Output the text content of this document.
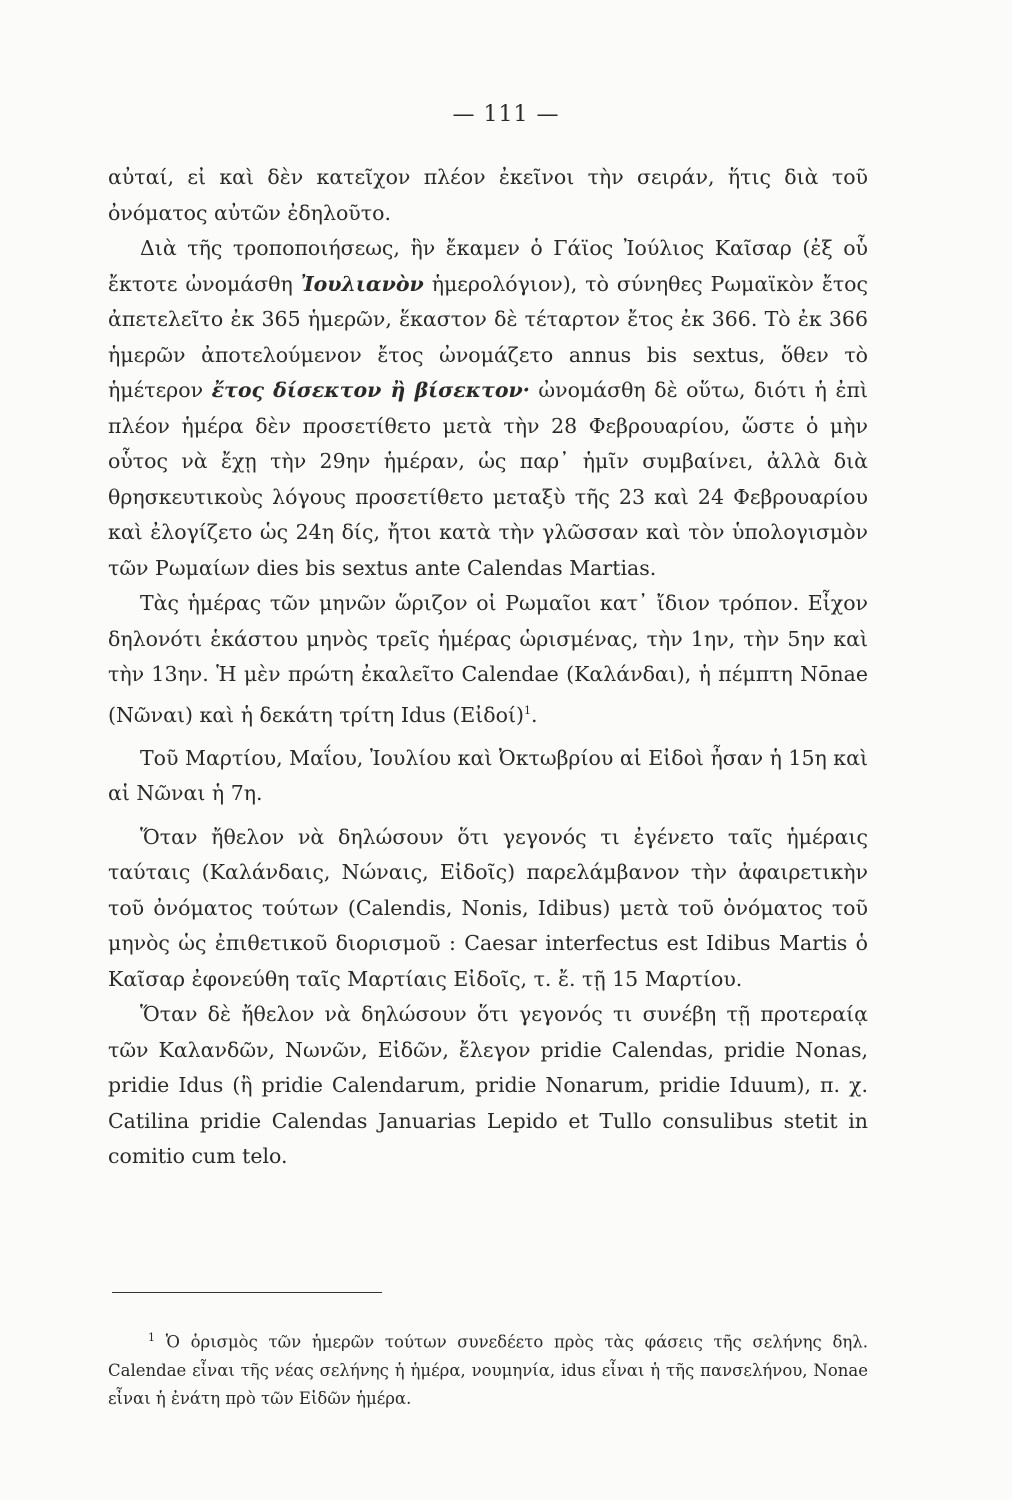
— 111 —

αὐταί, εἰ καὶ δὲν κατεῖχον πλέον ἐκεῖνοι τὴν σειράν, ἥτις διὰ τοῦ ὀνόματος αὐτῶν ἐδηλοῦτο.

Διὰ τῆς τροποποιήσεως, ἣν ἔκαμεν ὁ Γάϊος Ἰούλιος Καῖσαρ (ἐξ οὗ ἔκτοτε ὠνομάσθη Ἰουλιανὸν ἡμερολόγιον), τὸ σύνηθες Ρωμαϊκὸν ἔτος ἀπετελεῖτο ἐκ 365 ἡμερῶν, ἕκαστον δὲ τέταρτον ἔτος ἐκ 366. Τὸ ἐκ 366 ἡμερῶν ἀποτελούμενον ἔτος ὠνομάζετο annus bis sextus, ὅθεν τὸ ἡμέτερον ἔτος δίσεκτον ἢ βίσεκτον· ὠνομάσθη δὲ οὕτω, διότι ἡ ἐπὶ πλέον ἡμέρα δὲν προσετίθετο μετὰ τὴν 28 Φεβρουαρίου, ὥστε ὁ μὴν οὗτος νὰ ἔχῃ τὴν 29ην ἡμέραν, ὡς παρ᾽ ἡμῖν συμβαίνει, ἀλλὰ διὰ θρησκευτικοὺς λόγους προσετίθετο μεταξὺ τῆς 23 καὶ 24 Φεβρουαρίου καὶ ἐλογίζετο ὡς 24η δίς, ἤτοι κατὰ τὴν γλῶσσαν καὶ τὸν ὑπολογισμὸν τῶν Ρωμαίων dies bis sextus ante Calendas Martias.

Τὰς ἡμέρας τῶν μηνῶν ὥριζον οἱ Ρωμαῖοι κατ᾽ ἴδιον τρόπον. Εἶχον δηλονότι ἑκάστου μηνὸς τρεῖς ἡμέρας ὡρισμένας, τὴν 1ην, τὴν 5ην καὶ τὴν 13ην. Ἡ μὲν πρώτη ἐκαλεῖτο Calendae (Καλάνδαι), ἡ πέμπτη Nōnae (Νῶναι) καὶ ἡ δεκάτη τρίτη Idus (Εἰδοί)$^1$.

Τοῦ Μαρτίου, Μαΐου, Ἰουλίου καὶ Ὀκτωβρίου αἱ Εἰδοὶ ἦσαν ἡ 15η καὶ αἱ Νῶναι ἡ 7η.

Ὅταν ἤθελον νὰ δηλώσουν ὅτι γεγονός τι ἐγένετο ταῖς ἡμέραις ταύταις (Καλάνδαις, Νώναις, Εἰδοῖς) παρελάμβανον τὴν ἀφαιρετικὴν τοῦ ὀνόματος τούτων (Calendis, Nonis, Idibus) μετὰ τοῦ ὀνόματος τοῦ μηνὸς ὡς ἐπιθετικοῦ διορισμοῦ : Caesar interfectus est Idibus Martis ὁ Καῖσαρ ἐφονεύθη ταῖς Μαρτίαις Εἰδοῖς, τ. ἔ. τῇ 15 Μαρτίου.

Ὅταν δὲ ἤθελον νὰ δηλώσουν ὅτι γεγονός τι συνέβη τῇ προτεραίᾳ τῶν Καλανδῶν, Νωνῶν, Εἰδῶν, ἔλεγον pridie Calendas, pridie Nonas, pridie Idus (ἢ pridie Calendarum, pridie Nonarum, pridie Iduum), π. χ. Catilina pridie Calendas Januarias Lepido et Tullo consulibus stetit in comitio cum telo.

$^1$ Ὁ ὁρισμὸς τῶν ἡμερῶν τούτων συνεδέετο πρὸς τὰς φάσεις τῆς σελήνης δηλ. Calendae εἶναι τῆς νέας σελήνης ἡ ἡμέρα, νουμηνία, idus εἶναι ἡ τῆς πανσελήνου, Nonae εἶναι ἡ ἐνάτη πρὸ τῶν Εἰδῶν ἡμέρα.
